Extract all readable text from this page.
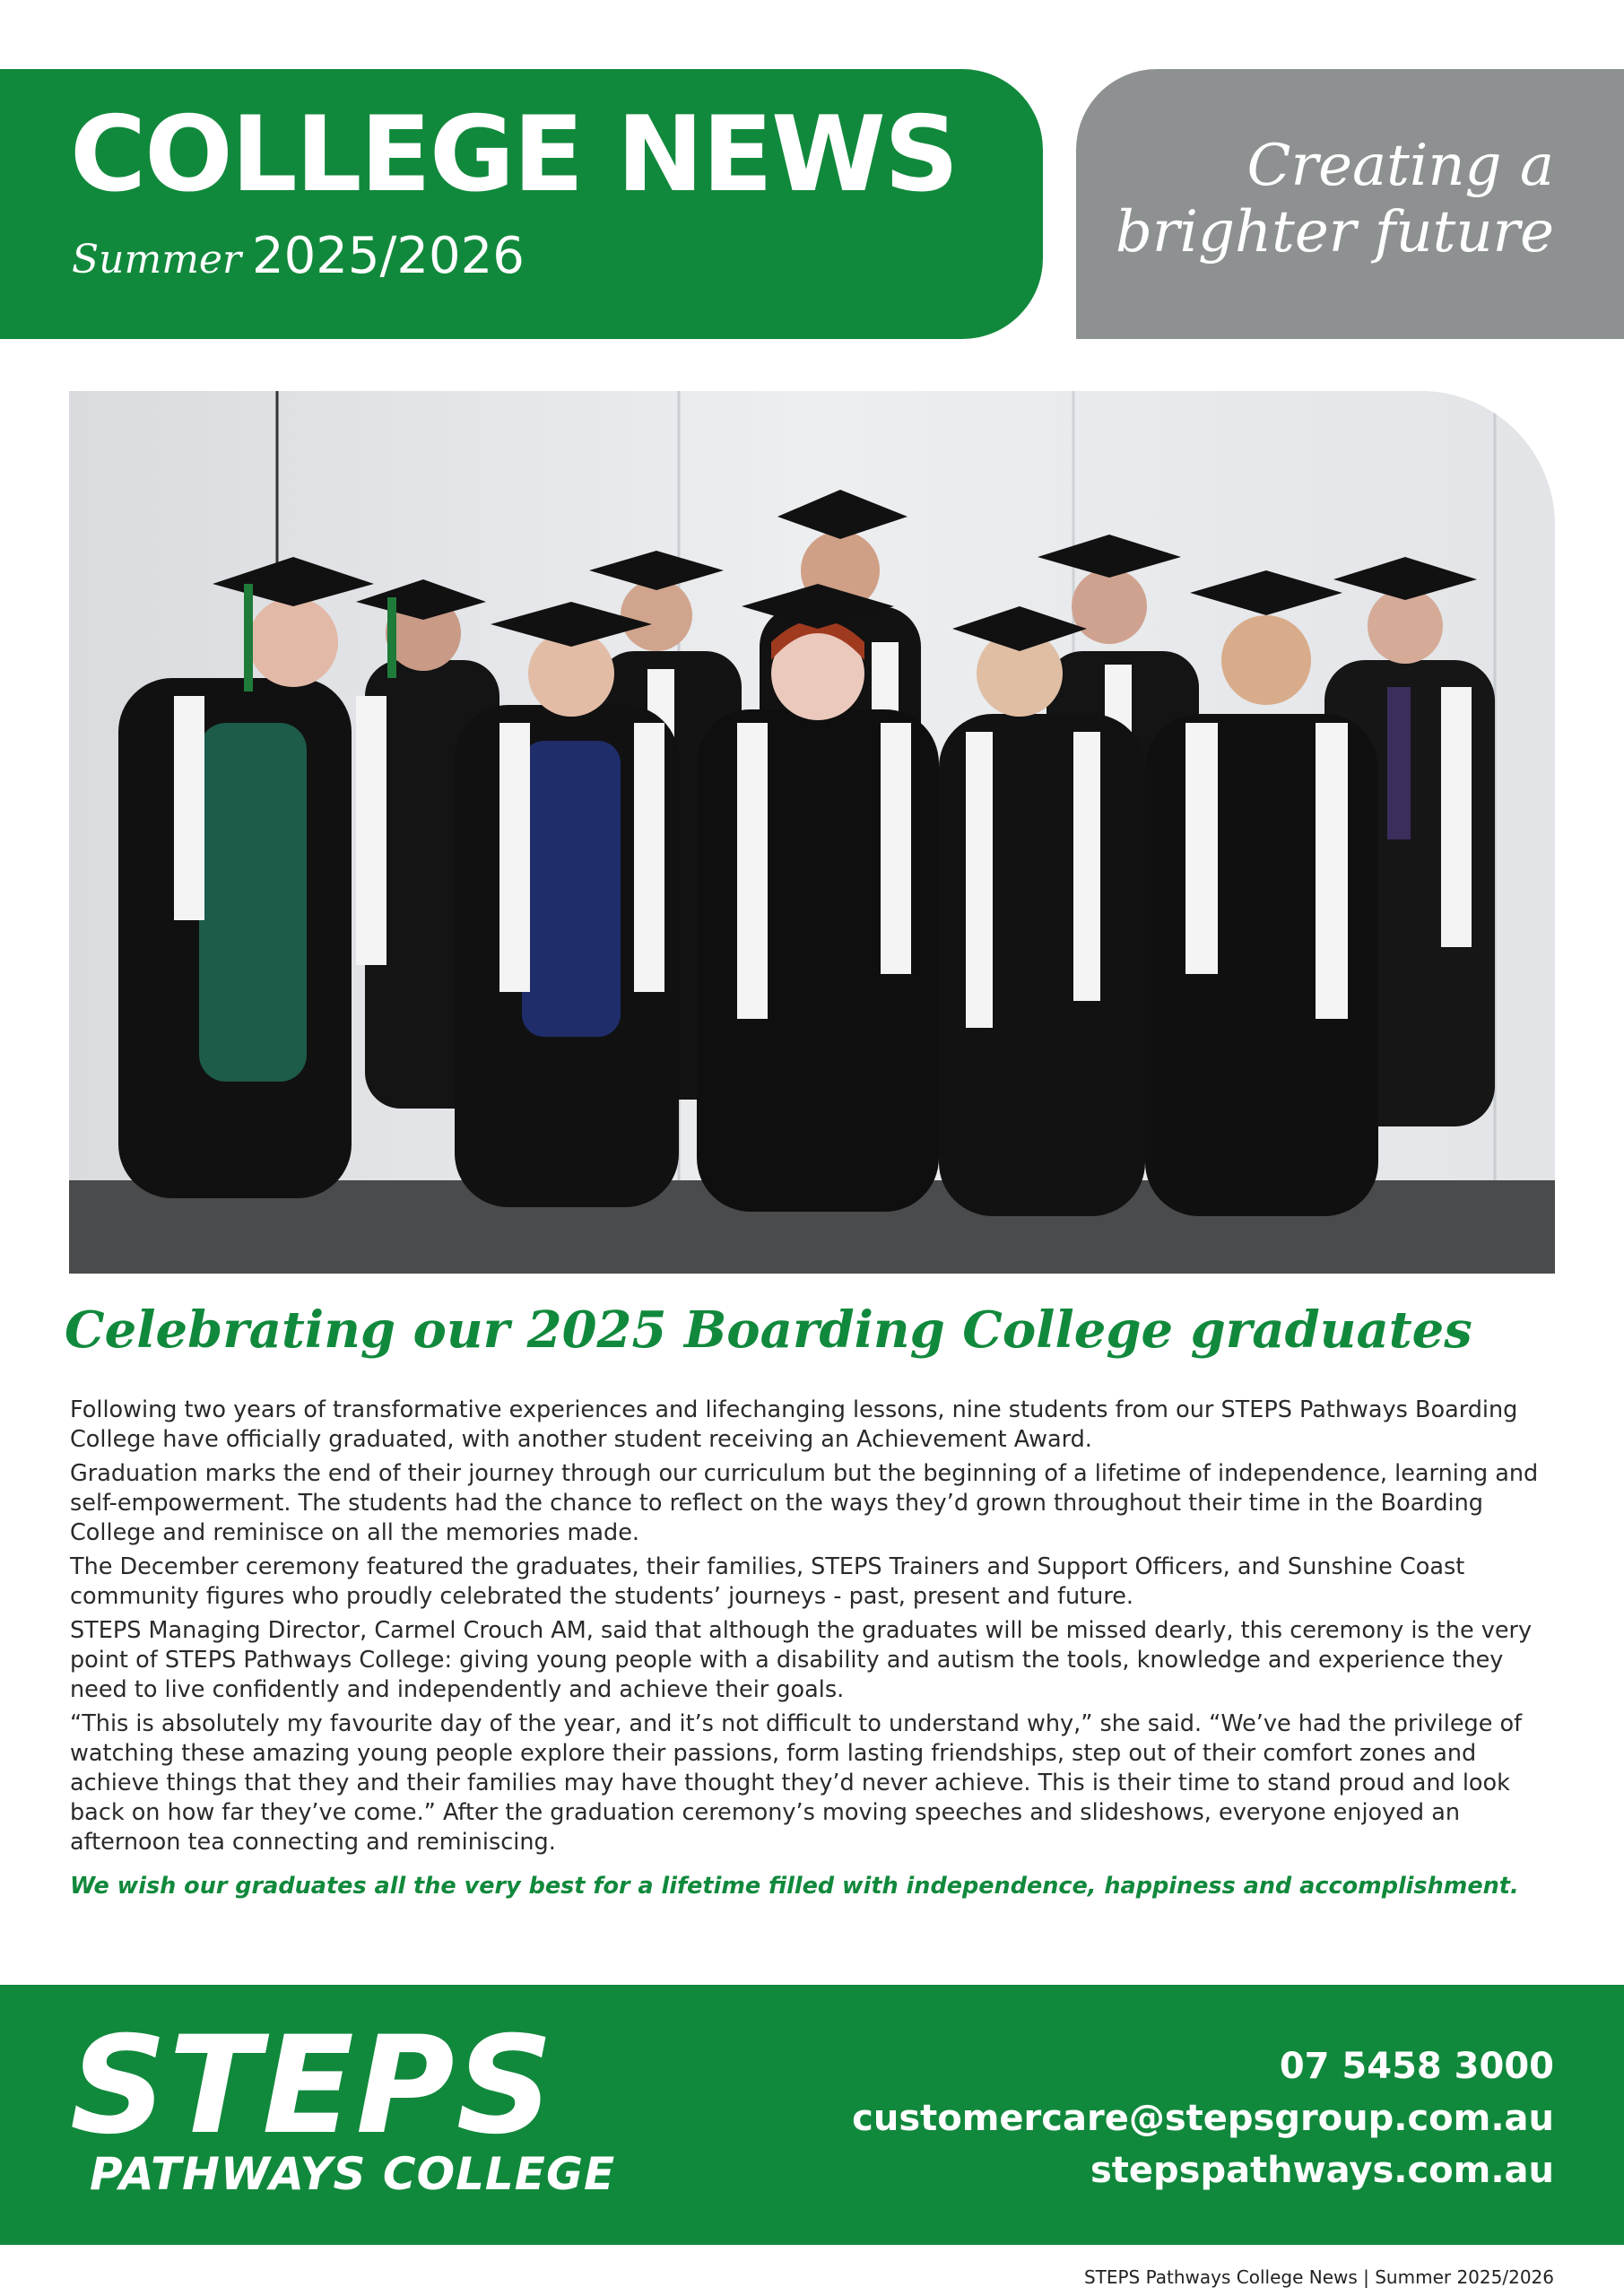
COLLEGE NEWS
Summer 2025/2026
Creating a
brighter future
Celebrating our 2025 Boarding College graduates

Following two years of transformative experiences and lifechanging lessons, nine students from our STEPS Pathways Boarding College have officially graduated, with another student receiving an Achievement Award.

Graduation marks the end of their journey through our curriculum but the beginning of a lifetime of independence, learning and self-empowerment. The students had the chance to reflect on the ways they’d grown throughout their time in the Boarding College and reminisce on all the memories made.

The December ceremony featured the graduates, their families, STEPS Trainers and Support Officers, and Sunshine Coast community figures who proudly celebrated the students’ journeys - past, present and future.

STEPS Managing Director, Carmel Crouch AM, said that although the graduates will be missed dearly, this ceremony is the very point of STEPS Pathways College: giving young people with a disability and autism the tools, knowledge and experience they need to live confidently and independently and achieve their goals.

“This is absolutely my favourite day of the year, and it’s not difficult to understand why,” she said. “We’ve had the privilege of watching these amazing young people explore their passions, form lasting friendships, step out of their comfort zones and achieve things that they and their families may have thought they’d never achieve. This is their time to stand proud and look back on how far they’ve come.” After the graduation ceremony’s moving speeches and slideshows, everyone enjoyed an afternoon tea connecting and reminiscing.

We wish our graduates all the very best for a lifetime filled with independence, happiness and accomplishment.

STEPS
PATHWAYS COLLEGE
07 5458 3000
customercare@stepsgroup.com.au
stepspathways.com.au
STEPS Pathways College News | Summer 2025/2026
